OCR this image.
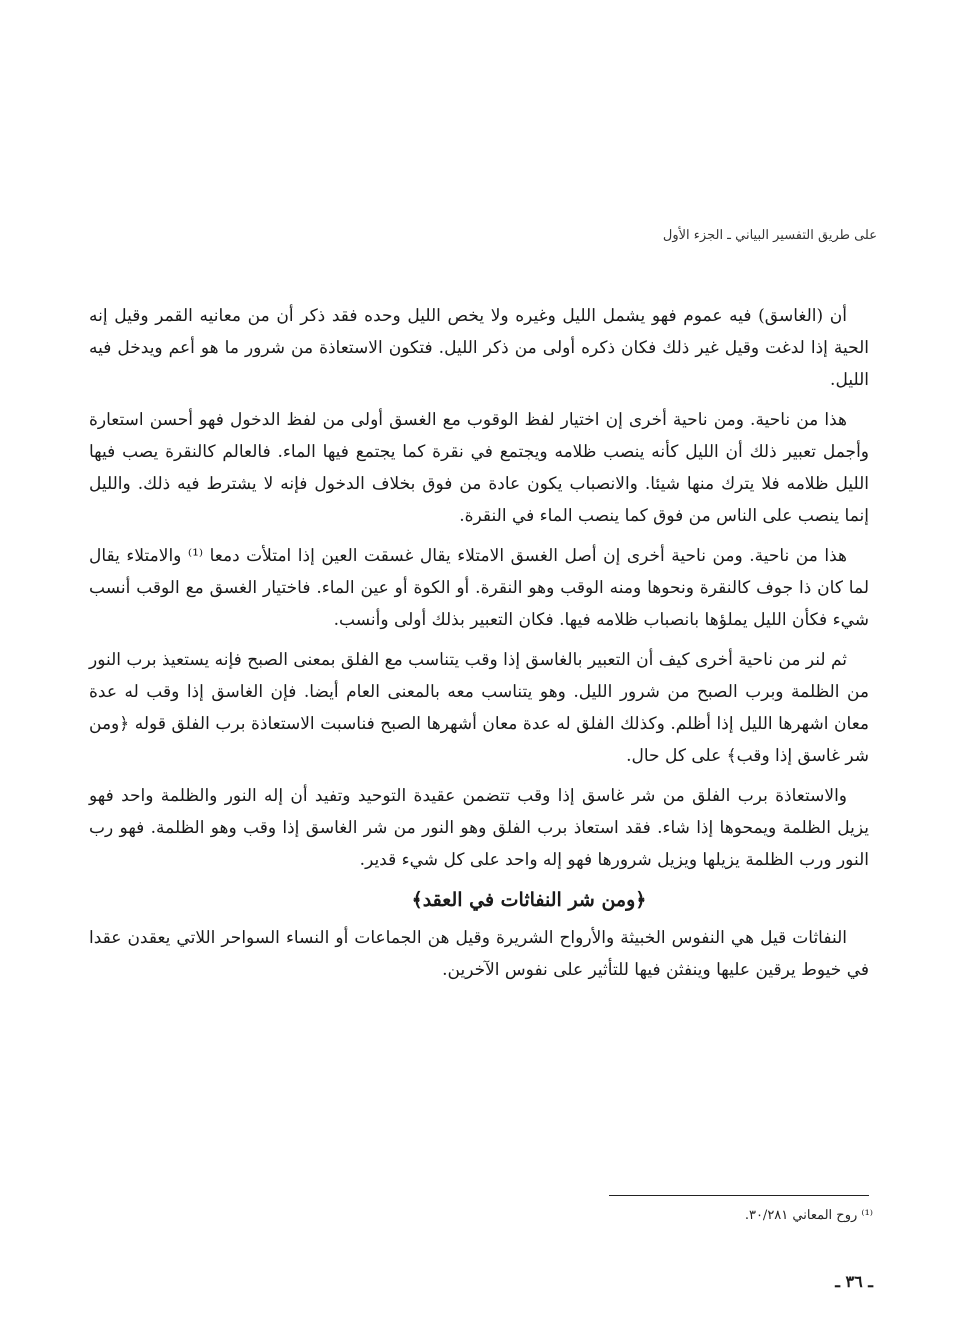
على طريق التفسير البياني ـ الجزء الأول

أن (الغاسق) فيه عموم فهو يشمل الليل وغيره ولا يخص الليل وحده فقد ذكر أن من معانيه القمر وقيل إنه الحية إذا لدغت وقيل غير ذلك فكان ذكره أولى من ذكر الليل. فتكون الاستعاذة من شرور ما هو أعم ويدخل فيه الليل.

هذا من ناحية. ومن ناحية أخرى إن اختيار لفظ الوقوب مع الغسق أولى من لفظ الدخول فهو أحسن استعارة وأجمل تعبير ذلك أن الليل كأنه ينصب ظلامه ويجتمع في نقرة كما يجتمع فيها الماء. فالعالم كالنقرة يصب فيها الليل ظلامه فلا يترك منها شيئا. والانصباب يكون عادة من فوق بخلاف الدخول فإنه لا يشترط فيه ذلك. والليل إنما ينصب على الناس من فوق كما ينصب الماء في النقرة.

هذا من ناحية. ومن ناحية أخرى إن أصل الغسق الامتلاء يقال غسقت العين إذا امتلأت دمعا ⁽¹⁾ والامتلاء يقال لما كان ذا جوف كالنقرة ونحوها ومنه الوقب وهو النقرة. أو الكوة أو عين الماء. فاختيار الغسق مع الوقب أنسب شيء فكأن الليل يملؤها بانصباب ظلامه فيها. فكان التعبير بذلك أولى وأنسب.

ثم لنر من ناحية أخرى كيف أن التعبير بالغاسق إذا وقب يتناسب مع الفلق بمعنى الصبح فإنه يستعيذ برب النور من الظلمة وبرب الصبح من شرور الليل. وهو يتناسب معه بالمعنى العام أيضا. فإن الغاسق إذا وقب له عدة معان اشهرها الليل إذا أظلم. وكذلك الفلق له عدة معان أشهرها الصبح فناسبت الاستعاذة برب الفلق قوله ﴿ومن شر غاسق إذا وقب﴾ على كل حال.

والاستعاذة برب الفلق من شر غاسق إذا وقب تتضمن عقيدة التوحيد وتفيد أن إله النور والظلمة واحد فهو يزيل الظلمة ويمحوها إذا شاء. فقد استعاذ برب الفلق وهو النور من شر الغاسق إذا وقب وهو الظلمة. فهو رب النور ورب الظلمة يزيلها ويزيل شرورها فهو إله واحد على كل شيء قدير.

﴿ومن شر النفاثات في العقد﴾

النفاثات قيل هي النفوس الخبيثة والأرواح الشريرة وقيل هن الجماعات أو النساء السواحر اللاتي يعقدن عقدا في خيوط يرقين عليها وينفثن فيها للتأثير على نفوس الآخرين.

⁽¹⁾ روح المعاني ٣٠/٢٨١.
ـ ٣٦ ـ
